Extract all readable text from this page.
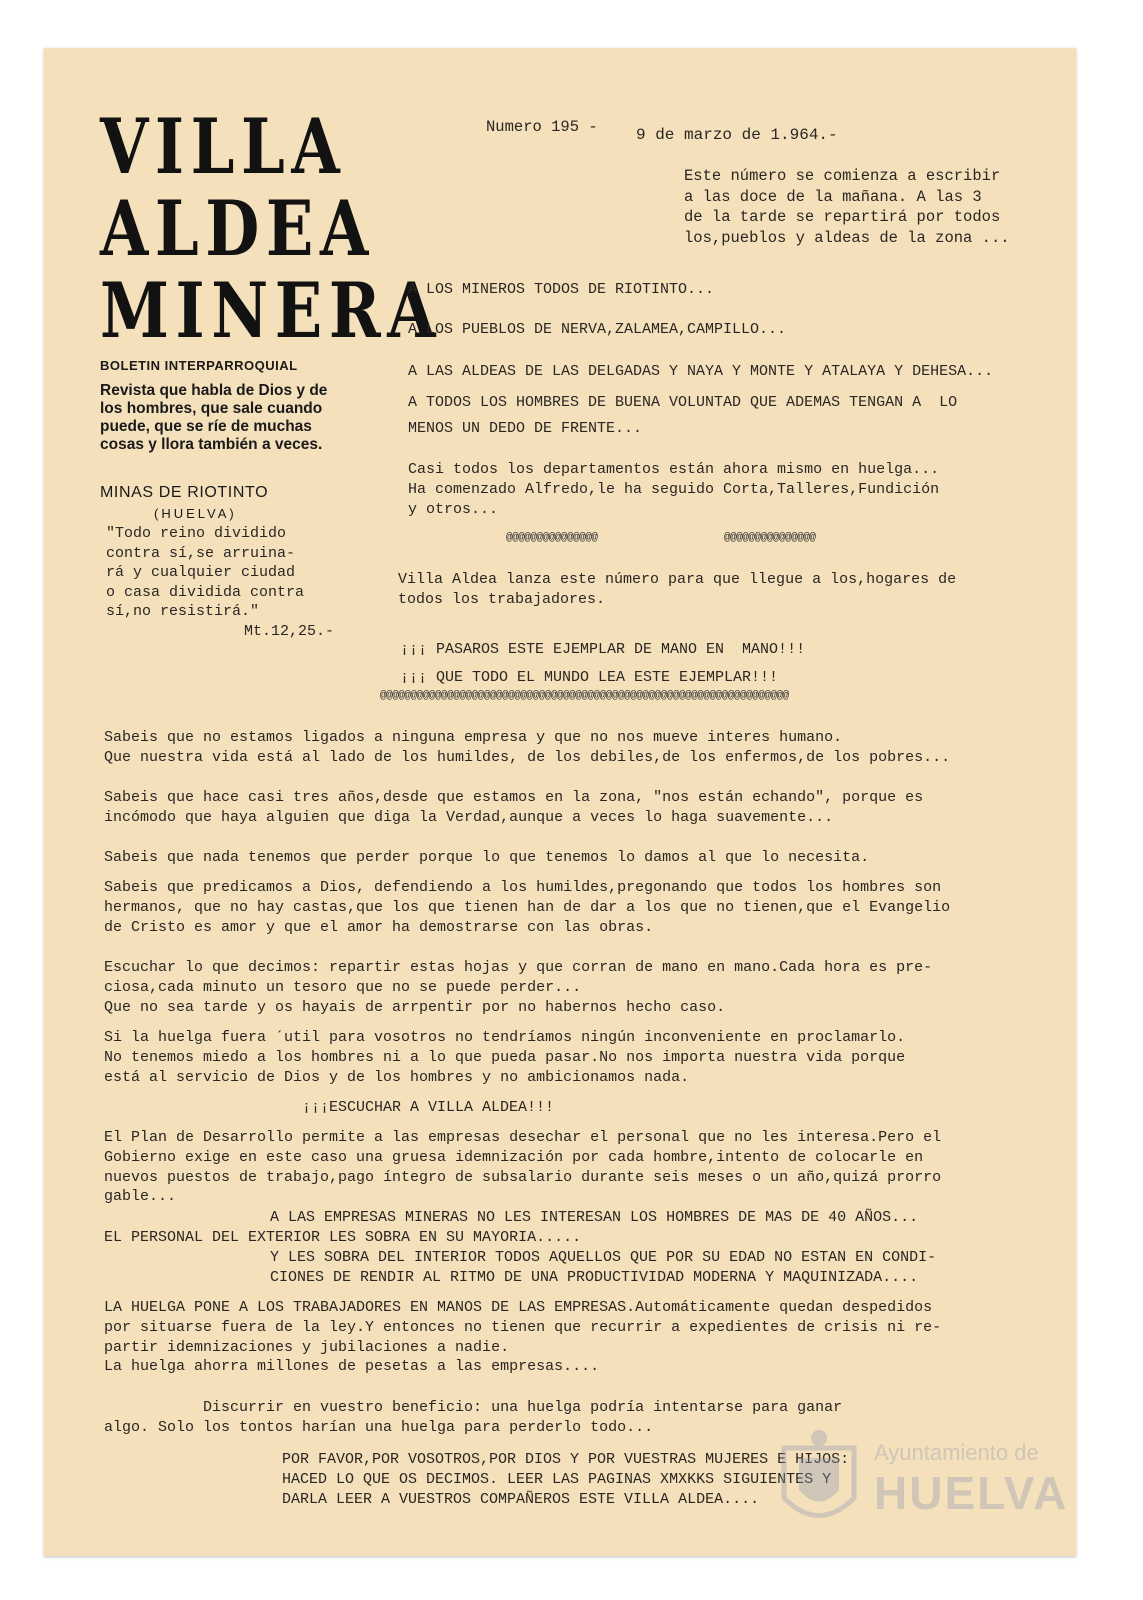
VILLA
ALDEA
MINERA
BOLETIN INTERPARROQUIAL
Revista que habla de Dios y de los hombres, que sale cuando puede, que se ríe de muchas cosas y llora también a veces.
MINAS DE RIOTINTO
(HUELVA)
"Todo reino dividido
contra sí,se arruina-
rá y cualquier ciudad
o casa dividida contra
sí,no resistirá."
Mt.12,25.-
Numero 195 - 9 de marzo de 1.964.-
Este número se comienza a escribir
a las doce de la mañana. A las 3
de la tarde se repartirá por todos
los,pueblos y aldeas de la zona ...
A LOS MINEROS TODOS DE RIOTINTO...
A LOS PUEBLOS DE NERVA,ZALAMEA,CAMPILLO...
A LAS ALDEAS DE LAS DELGADAS Y NAYA Y MONTE Y ATALAYA Y DEHESA...
A TODOS LOS HOMBRES DE BUENA VOLUNTAD QUE ADEMAS TENGAN A  LO
MENOS UN DEDO DE FRENTE...
Casi todos los departamentos están ahora mismo en huelga...
Ha comenzado Alfredo,le ha seguido Corta,Talleres,Fundición
y otros...
@@@@@@@@@@@@@@@	@@@@@@@@@@@@@@@
Villa Aldea lanza este número para que llegue a los,hogares de
todos los trabajadores.
¡¡¡ PASAROS ESTE EJEMPLAR DE MANO EN  MANO!!!
¡¡¡ QUE TODO EL MUNDO LEA ESTE EJEMPLAR!!!
@@@@@@@@@@@@@@@@@@@@@@@@@@@@@@@@@@@@@@@@@@@@@@@@@@@@@@@@@@@@@@@@@@@
Sabeis que no estamos ligados a ninguna empresa y que no nos mueve interes humano.
Que nuestra vida está al lado de los humildes, de los debiles,de los enfermos,de los pobres...
Sabeis que hace casi tres años,desde que estamos en la zona, "nos están echando", porque es
incómodo que haya alguien que diga la Verdad,aunque a veces lo haga suavemente...
Sabeis que nada tenemos que perder porque lo que tenemos lo damos al que lo necesita.
Sabeis que predicamos a Dios, defendiendo a los humildes,pregonando que todos los hombres son
hermanos, que no hay castas,que los que tienen han de dar a los que no tienen,que el Evangelio
de Cristo es amor y que el amor ha demostrarse con las obras.
Escuchar lo que decimos: repartir estas hojas y que corran de mano en mano.Cada hora es pre-
ciosa,cada minuto un tesoro que no se puede perder...
Que no sea tarde y os hayais de arrpentir por no habernos hecho caso.
Si la huelga fuera ´util para vosotros no tendríamos ningún inconveniente en proclamarlo.
No tenemos miedo a los hombres ni a lo que pueda pasar.No nos importa nuestra vida porque
está al servicio de Dios y de los hombres y no ambicionamos nada.
¡¡¡ESCUCHAR A VILLA ALDEA!!!
El Plan de Desarrollo permite a las empresas desechar el personal que no les interesa.Pero el
Gobierno exige en este caso una gruesa idemnización por cada hombre,intento de colocarle en
nuevos puestos de trabajo,pago íntegro de subsalario durante seis meses o un año,quizá prorro
gable...
A LAS EMPRESAS MINERAS NO LES INTERESAN LOS HOMBRES DE MAS DE 40 AÑOS...
EL PERSONAL DEL EXTERIOR LES SOBRA EN SU MAYORIA.....
Y LES SOBRA DEL INTERIOR TODOS AQUELLOS QUE POR SU EDAD NO ESTAN EN CONDI-
CIONES DE RENDIR AL RITMO DE UNA PRODUCTIVIDAD MODERNA Y MAQUINIZADA....
LA HUELGA PONE A LOS TRABAJADORES EN MANOS DE LAS EMPRESAS.Automáticamente quedan despedidos
por situarse fuera de la ley.Y entonces no tienen que recurrir a expedientes de crisis ni re-
partir idemnizaciones y jubilaciones a nadie.
La huelga ahorra millones de pesetas a las empresas....
Discurrir en vuestro beneficio: una huelga podría intentarse para ganar
algo. Solo los tontos harían una huelga para perderlo todo...
POR FAVOR,POR VOSOTROS,POR DIOS Y POR VUESTRAS MUJERES E
HACED LO QUE OS DECIMOS. LEER LAS PAGINAS XMXKKS SIGUIENTES
DARLA LEER A VUESTROS COMPAÑEROS ESTE VILLA ALDEA....
Ayuntamiento de
HUELVA
